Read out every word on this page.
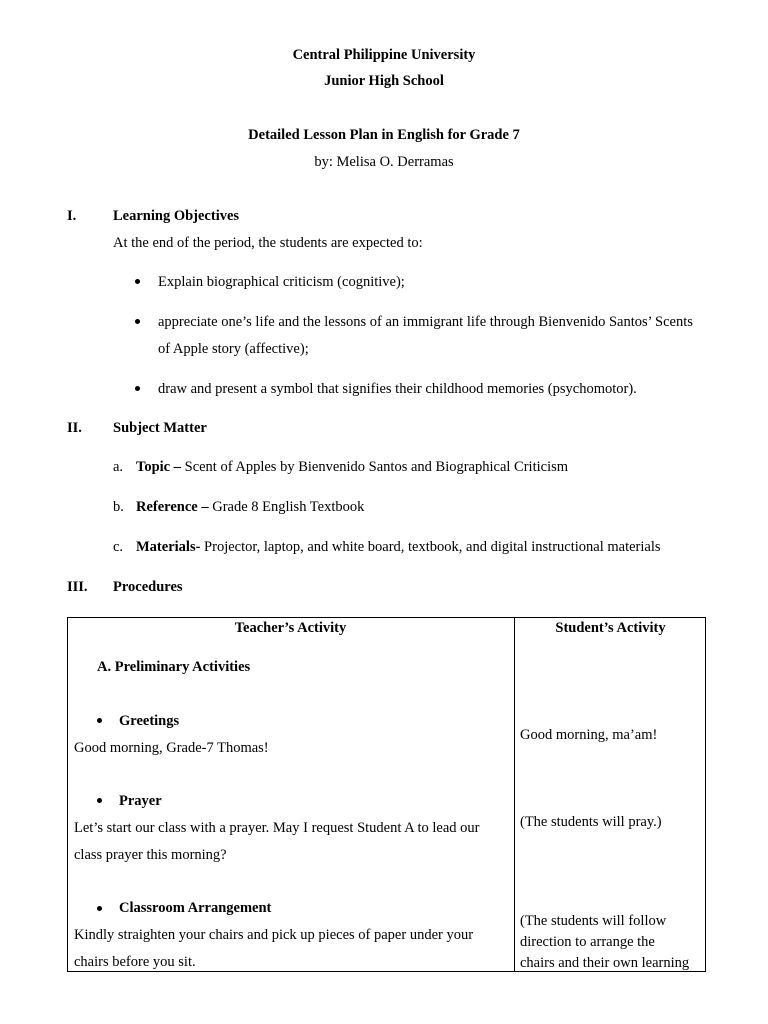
Central Philippine University
Junior High School
Detailed Lesson Plan in English for Grade 7
by: Melisa O. Derramas
I.	Learning Objectives
At the end of the period, the students are expected to:
Explain biographical criticism (cognitive);
appreciate one’s life and the lessons of an immigrant life through Bienvenido Santos’ Scents
of Apple story (affective);
draw and present a symbol that signifies their childhood memories (psychomotor).
II. Subject Matter
a. Topic – Scent of Apples by Bienvenido Santos and Biographical Criticism
b. Reference – Grade 8 English Textbook
c. Materials- Projector, laptop, and white board, textbook, and digital instructional materials
III. Procedures
Teacher’s Activity	Student’s Activity
A. Preliminary Activities
Greetings
Good morning, Grade-7 Thomas!
Good morning, ma’am!
Prayer
Let’s start our class with a prayer. May I request Student A to lead our
class prayer this morning?
(The students will pray.)
Classroom Arrangement
Kindly straighten your chairs and pick up pieces of paper under your
chairs before you sit.
(The students will follow
direction to arrange the
chairs and their own learning
